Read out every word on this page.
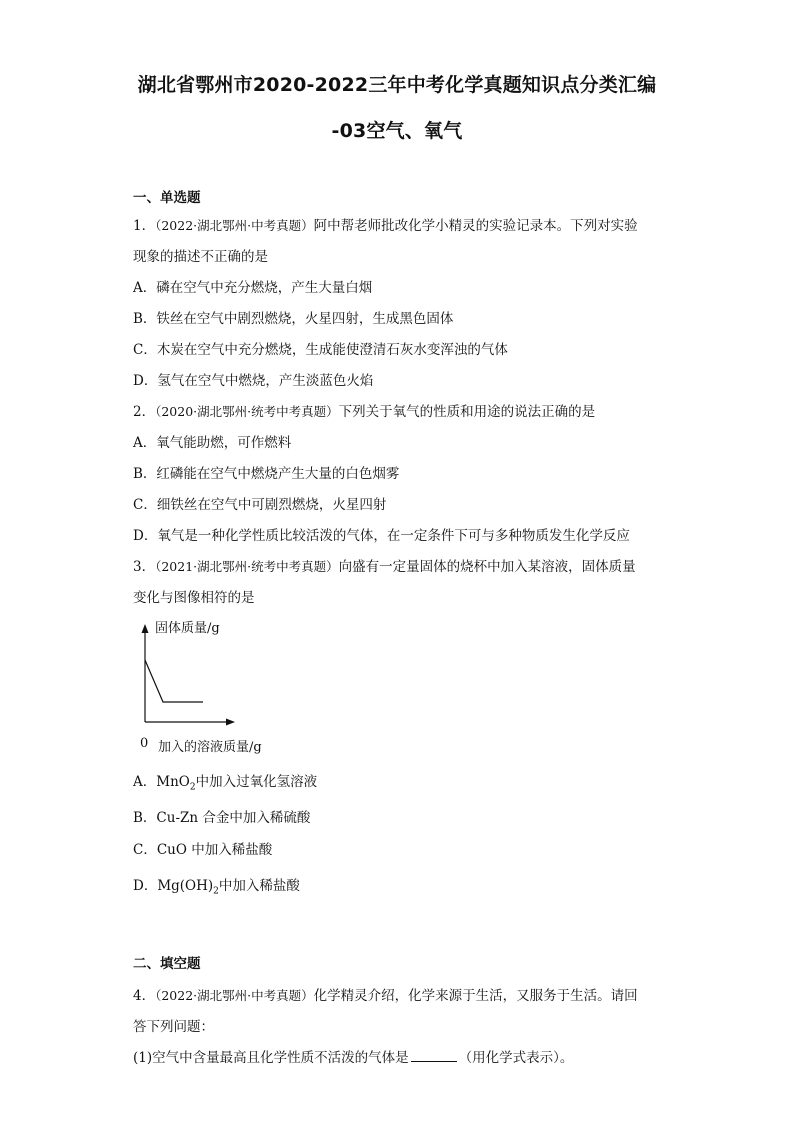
湖北省鄂州市2020-2022三年中考化学真题知识点分类汇编
-03空气、氧气
一、单选题
1．（2022·湖北鄂州·中考真题）阿中帮老师批改化学小精灵的实验记录本。下列对实验
现象的描述不正确的是
A．磷在空气中充分燃烧，产生大量白烟
B．铁丝在空气中剧烈燃烧，火星四射，生成黑色固体
C．木炭在空气中充分燃烧，生成能使澄清石灰水变浑浊的气体
D．氢气在空气中燃烧，产生淡蓝色火焰
2．（2020·湖北鄂州·统考中考真题）下列关于氧气的性质和用途的说法正确的是
A．氧气能助燃，可作燃料
B．红磷能在空气中燃烧产生大量的白色烟雾
C．细铁丝在空气中可剧烈燃烧，火星四射
D．氧气是一种化学性质比较活泼的气体，在一定条件下可与多种物质发生化学反应
3．（2021·湖北鄂州·统考中考真题）向盛有一定量固体的烧杯中加入某溶液，固体质量
变化与图像相符的是
固体质量/g
0 加入的溶液质量/g
A．MnO$_2$中加入过氧化氢溶液
B．Cu-Zn 合金中加入稀硫酸
C．CuO 中加入稀盐酸
D．$Mg(OH)_2$中加入稀盐酸
二、填空题
4．（2022·湖北鄂州·中考真题）化学精灵介绍，化学来源于生活，又服务于生活。请回
答下列问题：
(1)空气中含量最高且化学性质不活泼的气体是	（用化学式表示）。
